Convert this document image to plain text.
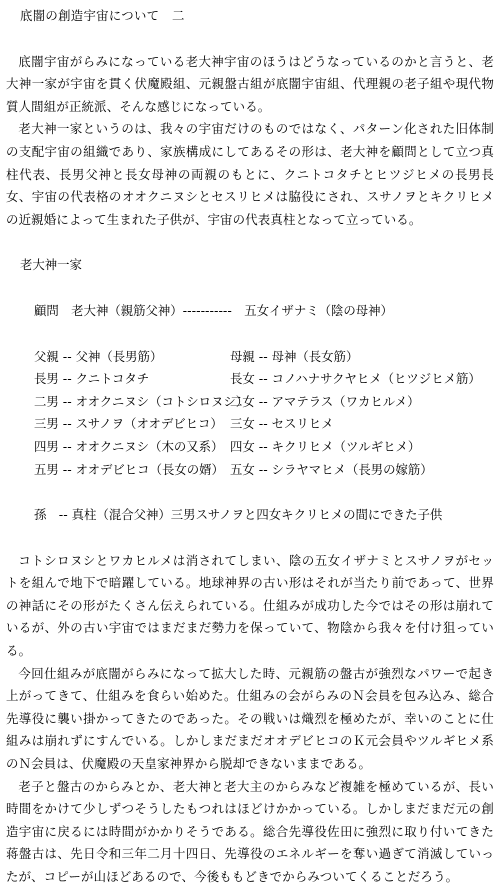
底闇の創造宇宙について　二

底闇宇宙がらみになっている老大神宇宙のほうはどうなっているのかと言うと、老大神一家が宇宙を貫く伏魔殿組、元親盤古組が底闇宇宙組、代理親の老子組や現代物質人間組が正統派、そんな感じになっている。

老大神一家というのは、我々の宇宙だけのものではなく、パターン化された旧体制の支配宇宙の組織であり、家族構成にしてあるその形は、老大神を顧問として立つ真柱代表、長男父神と長女母神の両親のもとに、クニトコタチとヒツジヒメの長男長女、宇宙の代表格のオオクニヌシとセスリヒメは脇役にされ、スサノヲとキクリヒメの近親婚によって生まれた子供が、宇宙の代表真柱となって立っている。

老大神一家

顧問　老大神（親筋父神）-----------　五女イザナミ（陰の母神）

父親 -- 父神（長男筋）	母親 -- 母神（長女筋）
長男 -- クニトコタチ	長女 -- コノハナサクヤヒメ（ヒツジヒメ筋）
二男 -- オオクニヌシ（コトシロヌシ）
二女 -- アマテラス（ワカヒルメ）
三男 -- スサノヲ（オオデビヒコ） 三女 -- セスリヒメ
四男 -- オオクニヌシ（木の又系） 四女 -- キクリヒメ（ツルギヒメ）
五男 -- オオデビヒコ（長女の婿） 五女 -- シラヤマヒメ（長男の嫁筋）

孫　-- 真柱（混合父神）三男スサノヲと四女キクリヒメの間にできた子供

コトシロヌシとワカヒルメは消されてしまい、陰の五女イザナミとスサノヲがセットを組んで地下で暗躍している。地球神界の古い形はそれが当たり前であって、世界の神話にその形がたくさん伝えられている。仕組みが成功した今ではその形は崩れているが、外の古い宇宙ではまだまだ勢力を保っていて、物陰から我々を付け狙っている。

今回仕組みが底闇がらみになって拡大した時、元親筋の盤古が強烈なパワーで起き上がってきて、仕組みを食らい始めた。仕組みの会がらみのＮ会員を包み込み、総合先導役に襲い掛かってきたのであった。その戦いは熾烈を極めたが、幸いのことに仕組みは崩れずにすんでいる。しかしまだまだオオデビヒコのＫ元会員やツルギヒメ系のＮ会員は、伏魔殿の天皇家神界から脱却できないままである。

老子と盤古のからみとか、老大神と老大主のからみなど複雑を極めているが、長い時間をかけて少しずつそうしたもつれはほどけかかっている。しかしまだまだ元の創造宇宙に戻るには時間がかかりそうである。総合先導役佐田に強烈に取り付いてきた蒋盤古は、先日令和三年二月十四日、先導役のエネルギーを奪い過ぎて消滅していったが、コピーが山ほどあるので、今後ももどきでからみついてくることだろう。
